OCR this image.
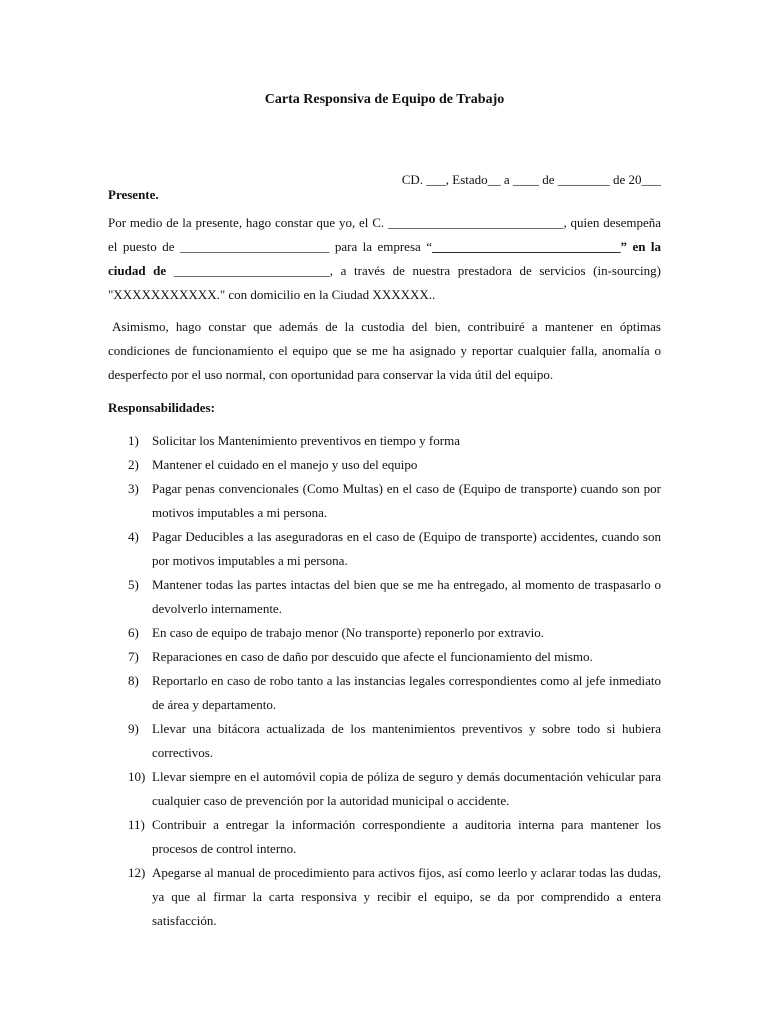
Carta Responsiva de Equipo de Trabajo
CD. ___, Estado__ a ____ de ________ de 20___
Presente.
Por medio de la presente, hago constar que yo, el C. ___________________________, quien desempeña el puesto de _______________________ para la empresa “_____________________________” en la ciudad de ________________________, a través de nuestra prestadora de servicios (in-sourcing) "XXXXXXXXXXX." con domicilio en la Ciudad XXXXXX..
Asimismo, hago constar que además de la custodia del bien, contribuiré a mantener en óptimas condiciones de funcionamiento el equipo que se me ha asignado y reportar cualquier falla, anomalía o desperfecto por el uso normal, con oportunidad para conservar la vida útil del equipo.
Responsabilidades:
1) Solicitar los Mantenimiento preventivos en tiempo y forma
2) Mantener el cuidado en el manejo y uso del equipo
3) Pagar penas convencionales (Como Multas) en el caso de (Equipo de transporte) cuando son por motivos imputables a mi persona.
4) Pagar Deducibles a las aseguradoras en el caso de (Equipo de transporte) accidentes, cuando son por motivos imputables a mi persona.
5) Mantener todas las partes intactas del bien que se me ha entregado, al momento de traspasarlo o devolverlo internamente.
6) En caso de equipo de trabajo menor (No transporte) reponerlo por extravio.
7) Reparaciones en caso de daño por descuido que afecte el funcionamiento del mismo.
8) Reportarlo en caso de robo tanto a las instancias legales correspondientes como al jefe inmediato de área y departamento.
9) Llevar una bitácora actualizada de los mantenimientos preventivos y sobre todo si hubiera correctivos.
10) Llevar siempre en el automóvil copia de póliza de seguro y demás documentación vehicular para cualquier caso de prevención por la autoridad municipal o accidente.
11) Contribuir a entregar la información correspondiente a auditoria interna para mantener los procesos de control interno.
12) Apegarse al manual de procedimiento para activos fijos, así como leerlo y aclarar todas las dudas, ya que al firmar la carta responsiva y recibir el equipo, se da por comprendido a entera satisfacción.
